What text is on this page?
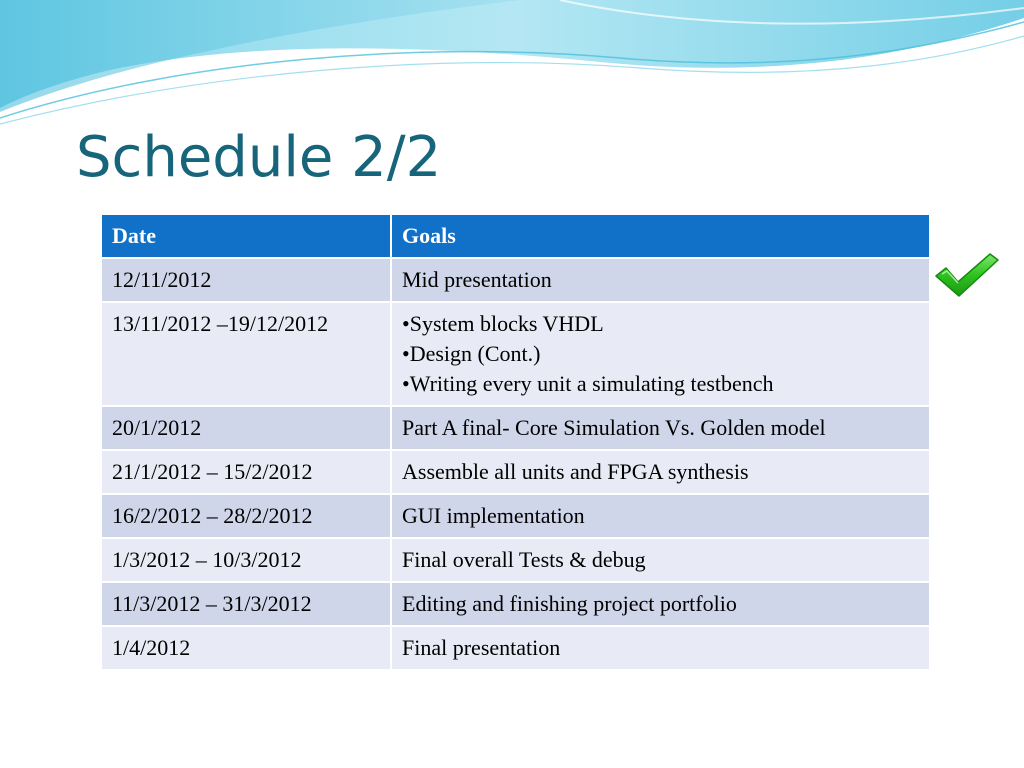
Schedule 2/2
Date	Goals
12/11/2012	Mid presentation

13/11/2012 –19/12/2012	•System blocks VHDL
•Design (Cont.)
•Writing every unit a simulating testbench

20/1/2012	Part A final- Core Simulation Vs. Golden model

21/1/2012 – 15/2/2012	Assemble all units and FPGA synthesis

16/2/2012 – 28/2/2012	GUI implementation

1/3/2012 – 10/3/2012	Final overall Tests & debug

11/3/2012 – 31/3/2012	Editing and finishing project portfolio

1/4/2012	Final presentation
